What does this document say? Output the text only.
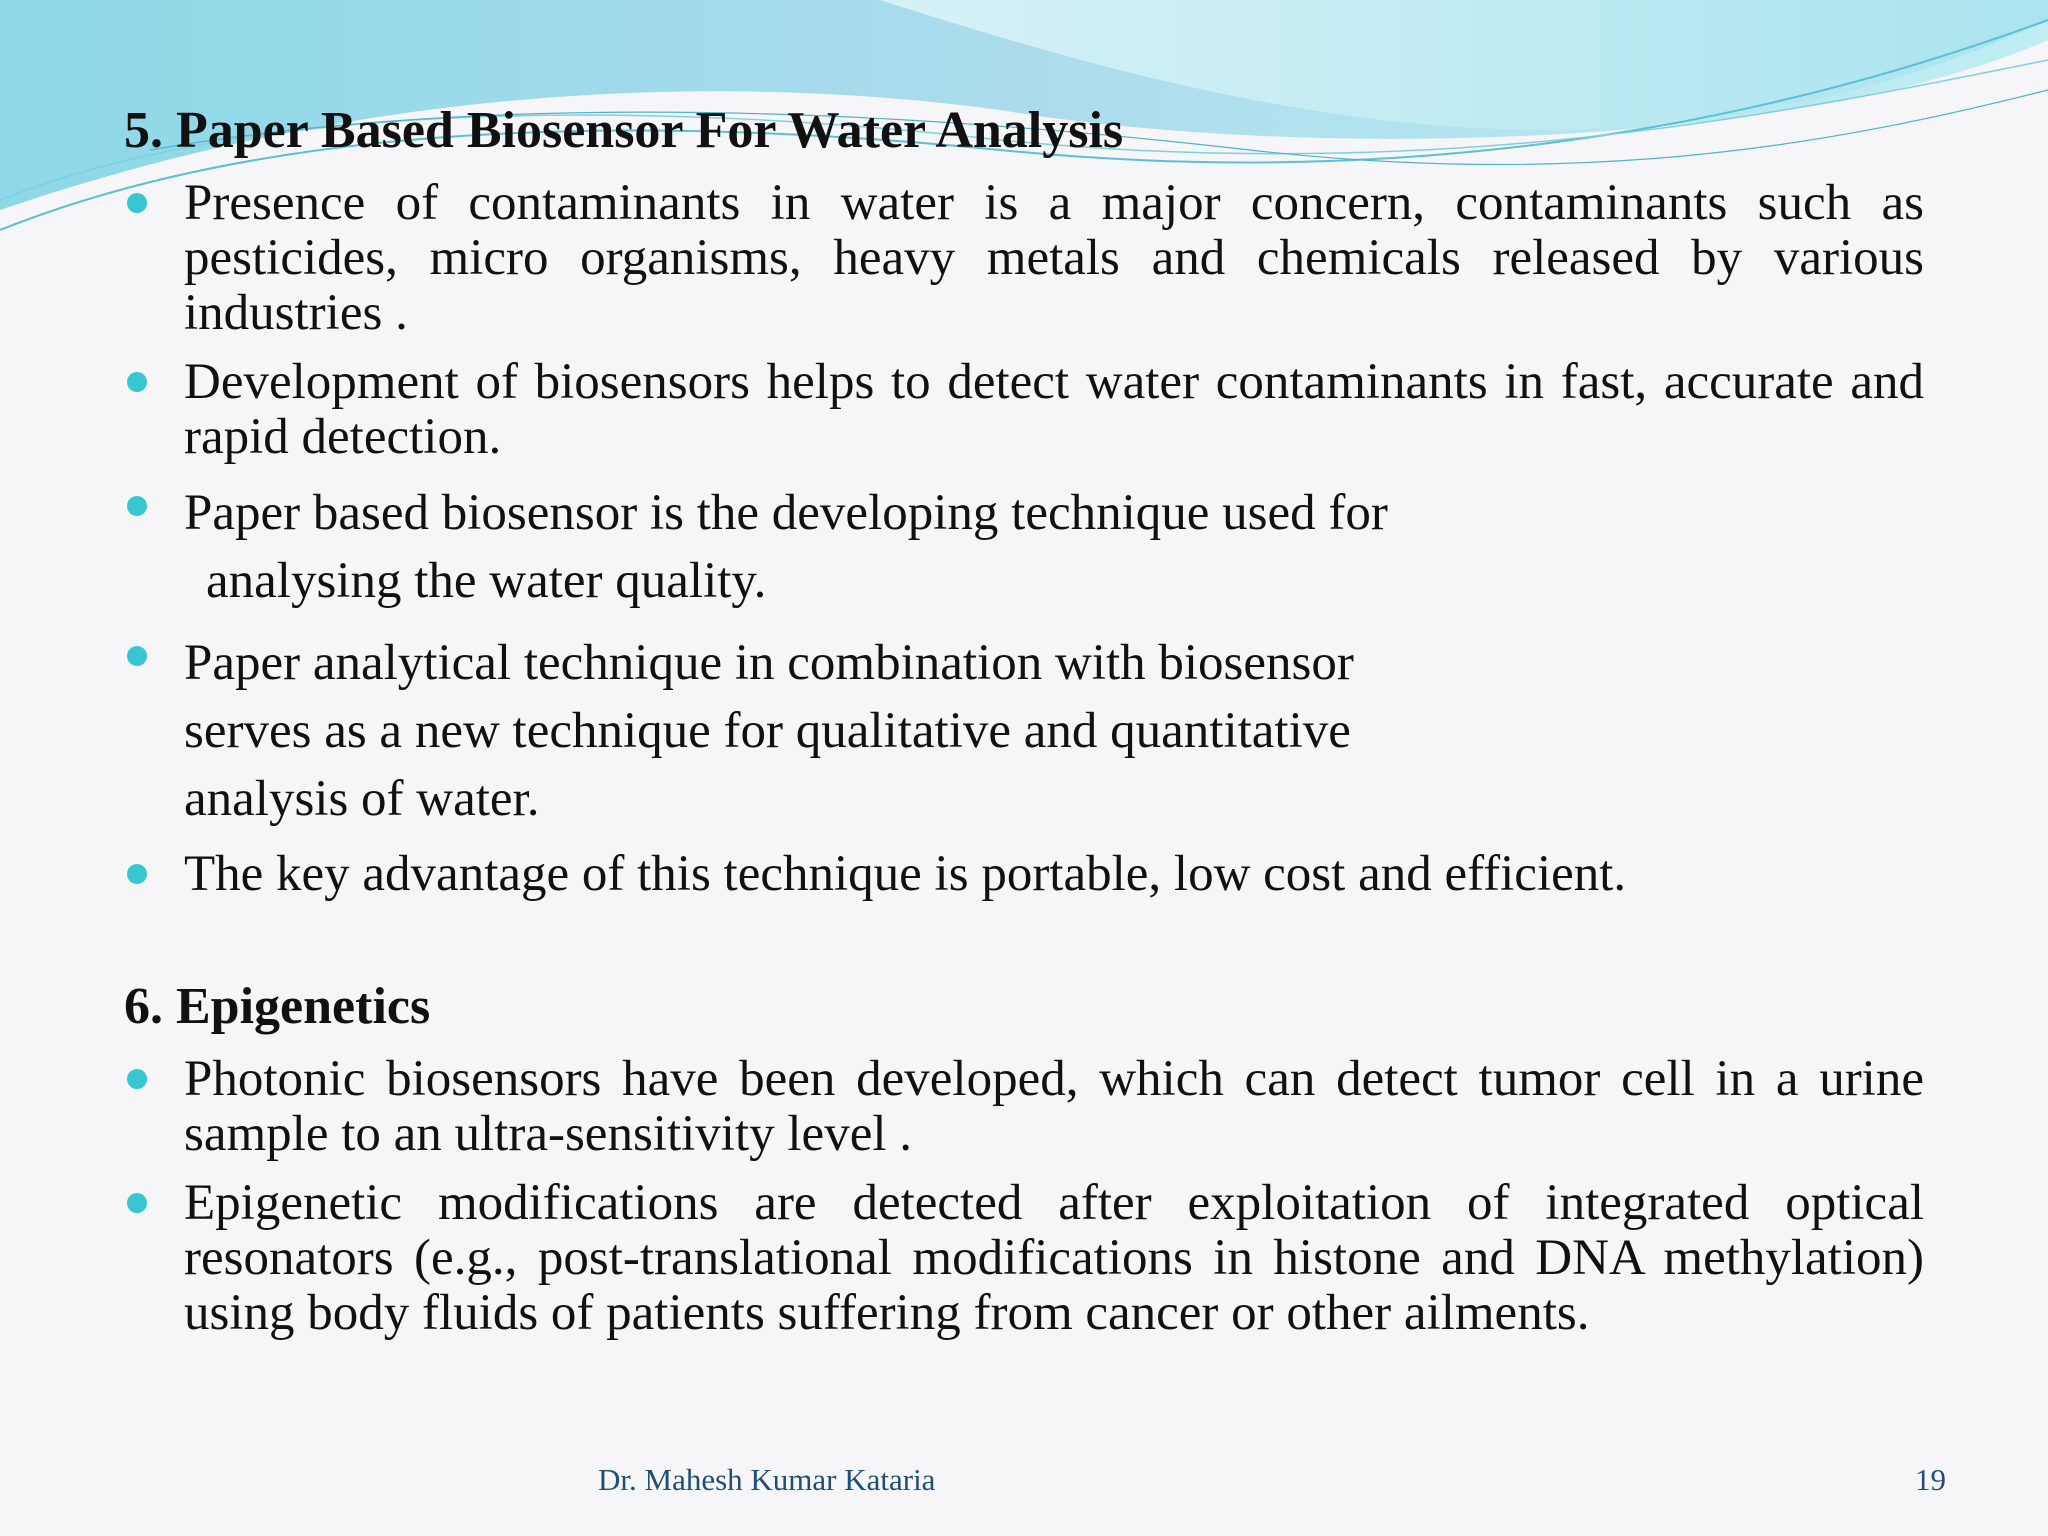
5. Paper Based Biosensor For Water Analysis
Presence of contaminants in water is a major concern, contaminants such as pesticides, micro organisms, heavy metals and chemicals released by various industries .
Development of biosensors helps to detect water contaminants in fast, accurate and rapid detection.
Paper based biosensor is the developing technique used for
analysing the water quality.
Paper analytical technique in combination with biosensor
serves as a new technique for qualitative and quantitative
analysis of water.
The key advantage of this technique is portable, low cost and efficient.
6. Epigenetics
Photonic biosensors have been developed, which can detect tumor cell in a urine sample to an ultra-sensitivity level .
Epigenetic modifications are detected after exploitation of integrated optical resonators (e.g., post-translational modifications in histone and DNA methylation) using body fluids of patients suffering from cancer or other ailments.
Dr. Mahesh Kumar Kataria	19
